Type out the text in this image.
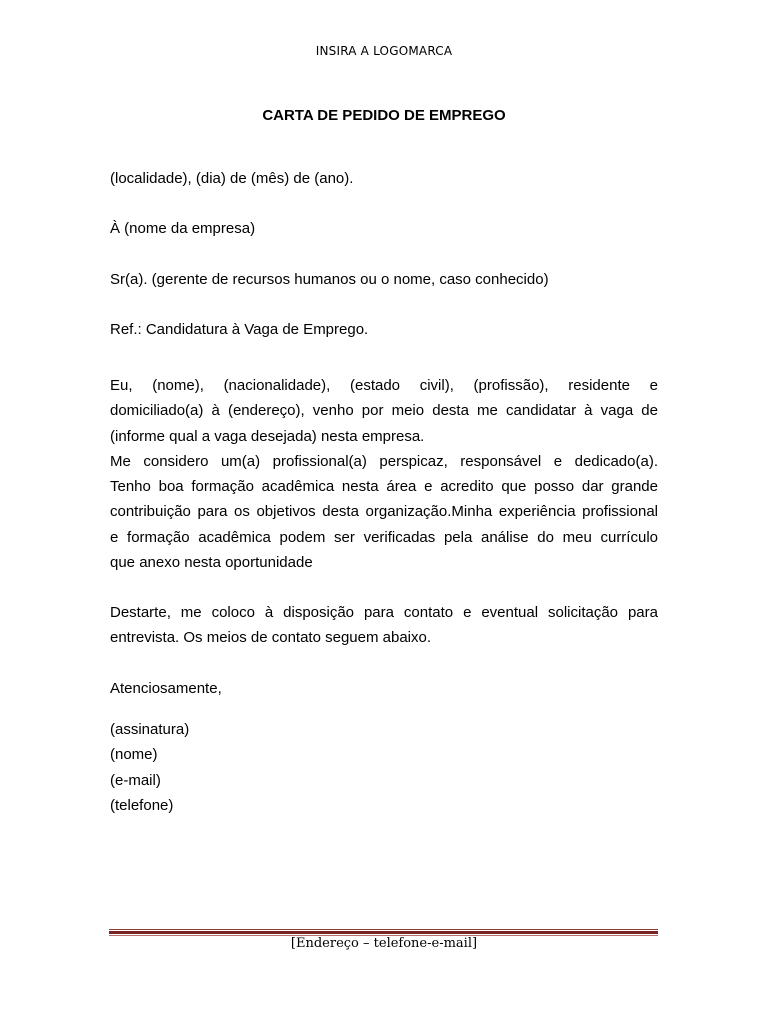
INSIRA A LOGOMARCA
CARTA DE PEDIDO DE EMPREGO
(localidade), (dia) de (mês) de (ano).
À (nome da empresa)
Sr(a). (gerente de recursos humanos ou o nome, caso conhecido)
Ref.: Candidatura à Vaga de Emprego.
Eu, (nome), (nacionalidade), (estado civil), (profissão), residente e
domiciliado(a) à (endereço), venho por meio desta me candidatar à vaga de
(informe qual a vaga desejada) nesta empresa.
Me considero um(a) profissional(a) perspicaz, responsável e dedicado(a).
Tenho boa formação acadêmica nesta área e acredito que posso dar grande
contribuição para os objetivos desta organização.Minha experiência profissional
e formação acadêmica podem ser verificadas pela análise do meu currículo
que anexo nesta oportunidade
Destarte, me coloco à disposição para contato e eventual solicitação para
entrevista. Os meios de contato seguem abaixo.
Atenciosamente,
(assinatura)
(nome)
(e-mail)
(telefone)
[Endereço – telefone-e-mail]
